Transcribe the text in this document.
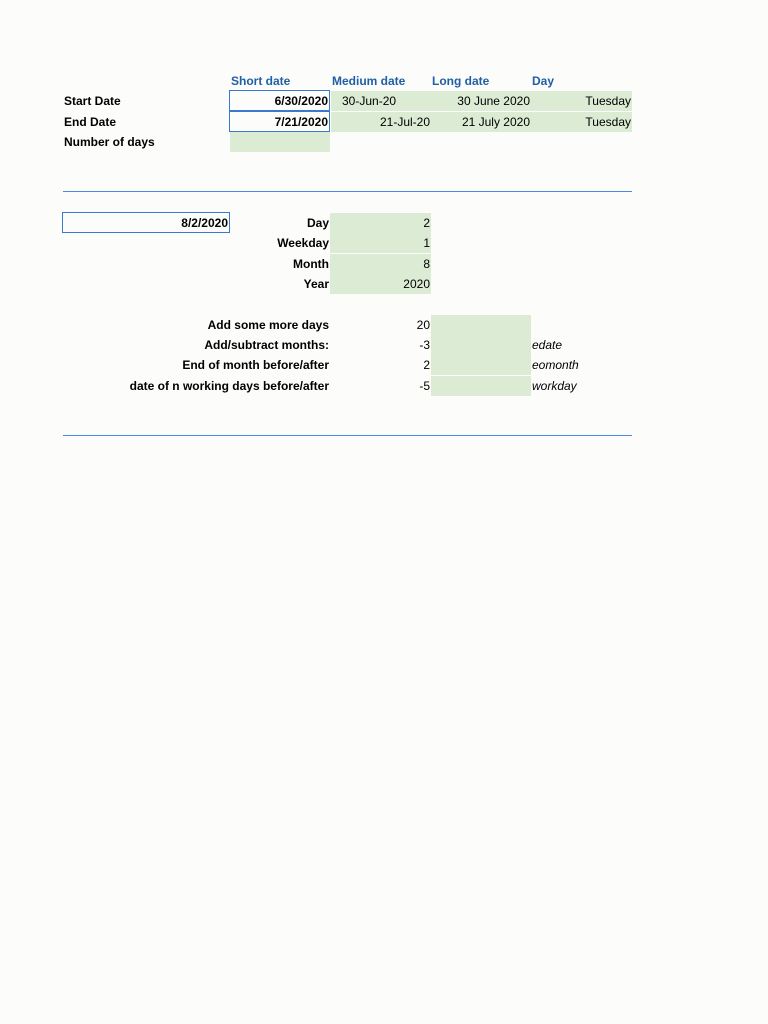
Short date	Medium date	Long date	Day
Start Date	6/30/2020	30-Jun-20	30 June 2020	Tuesday
End Date	7/21/2020	21-Jul-20	21 July 2020	Tuesday
Number of days
8/2/2020	Day	2
Weekday	1
Month	8
Year	2020
Add some more days	20
Add/subtract months:	-3	edate
End of month before/after	2	eomonth
date of n working days before/after	-5	workday
